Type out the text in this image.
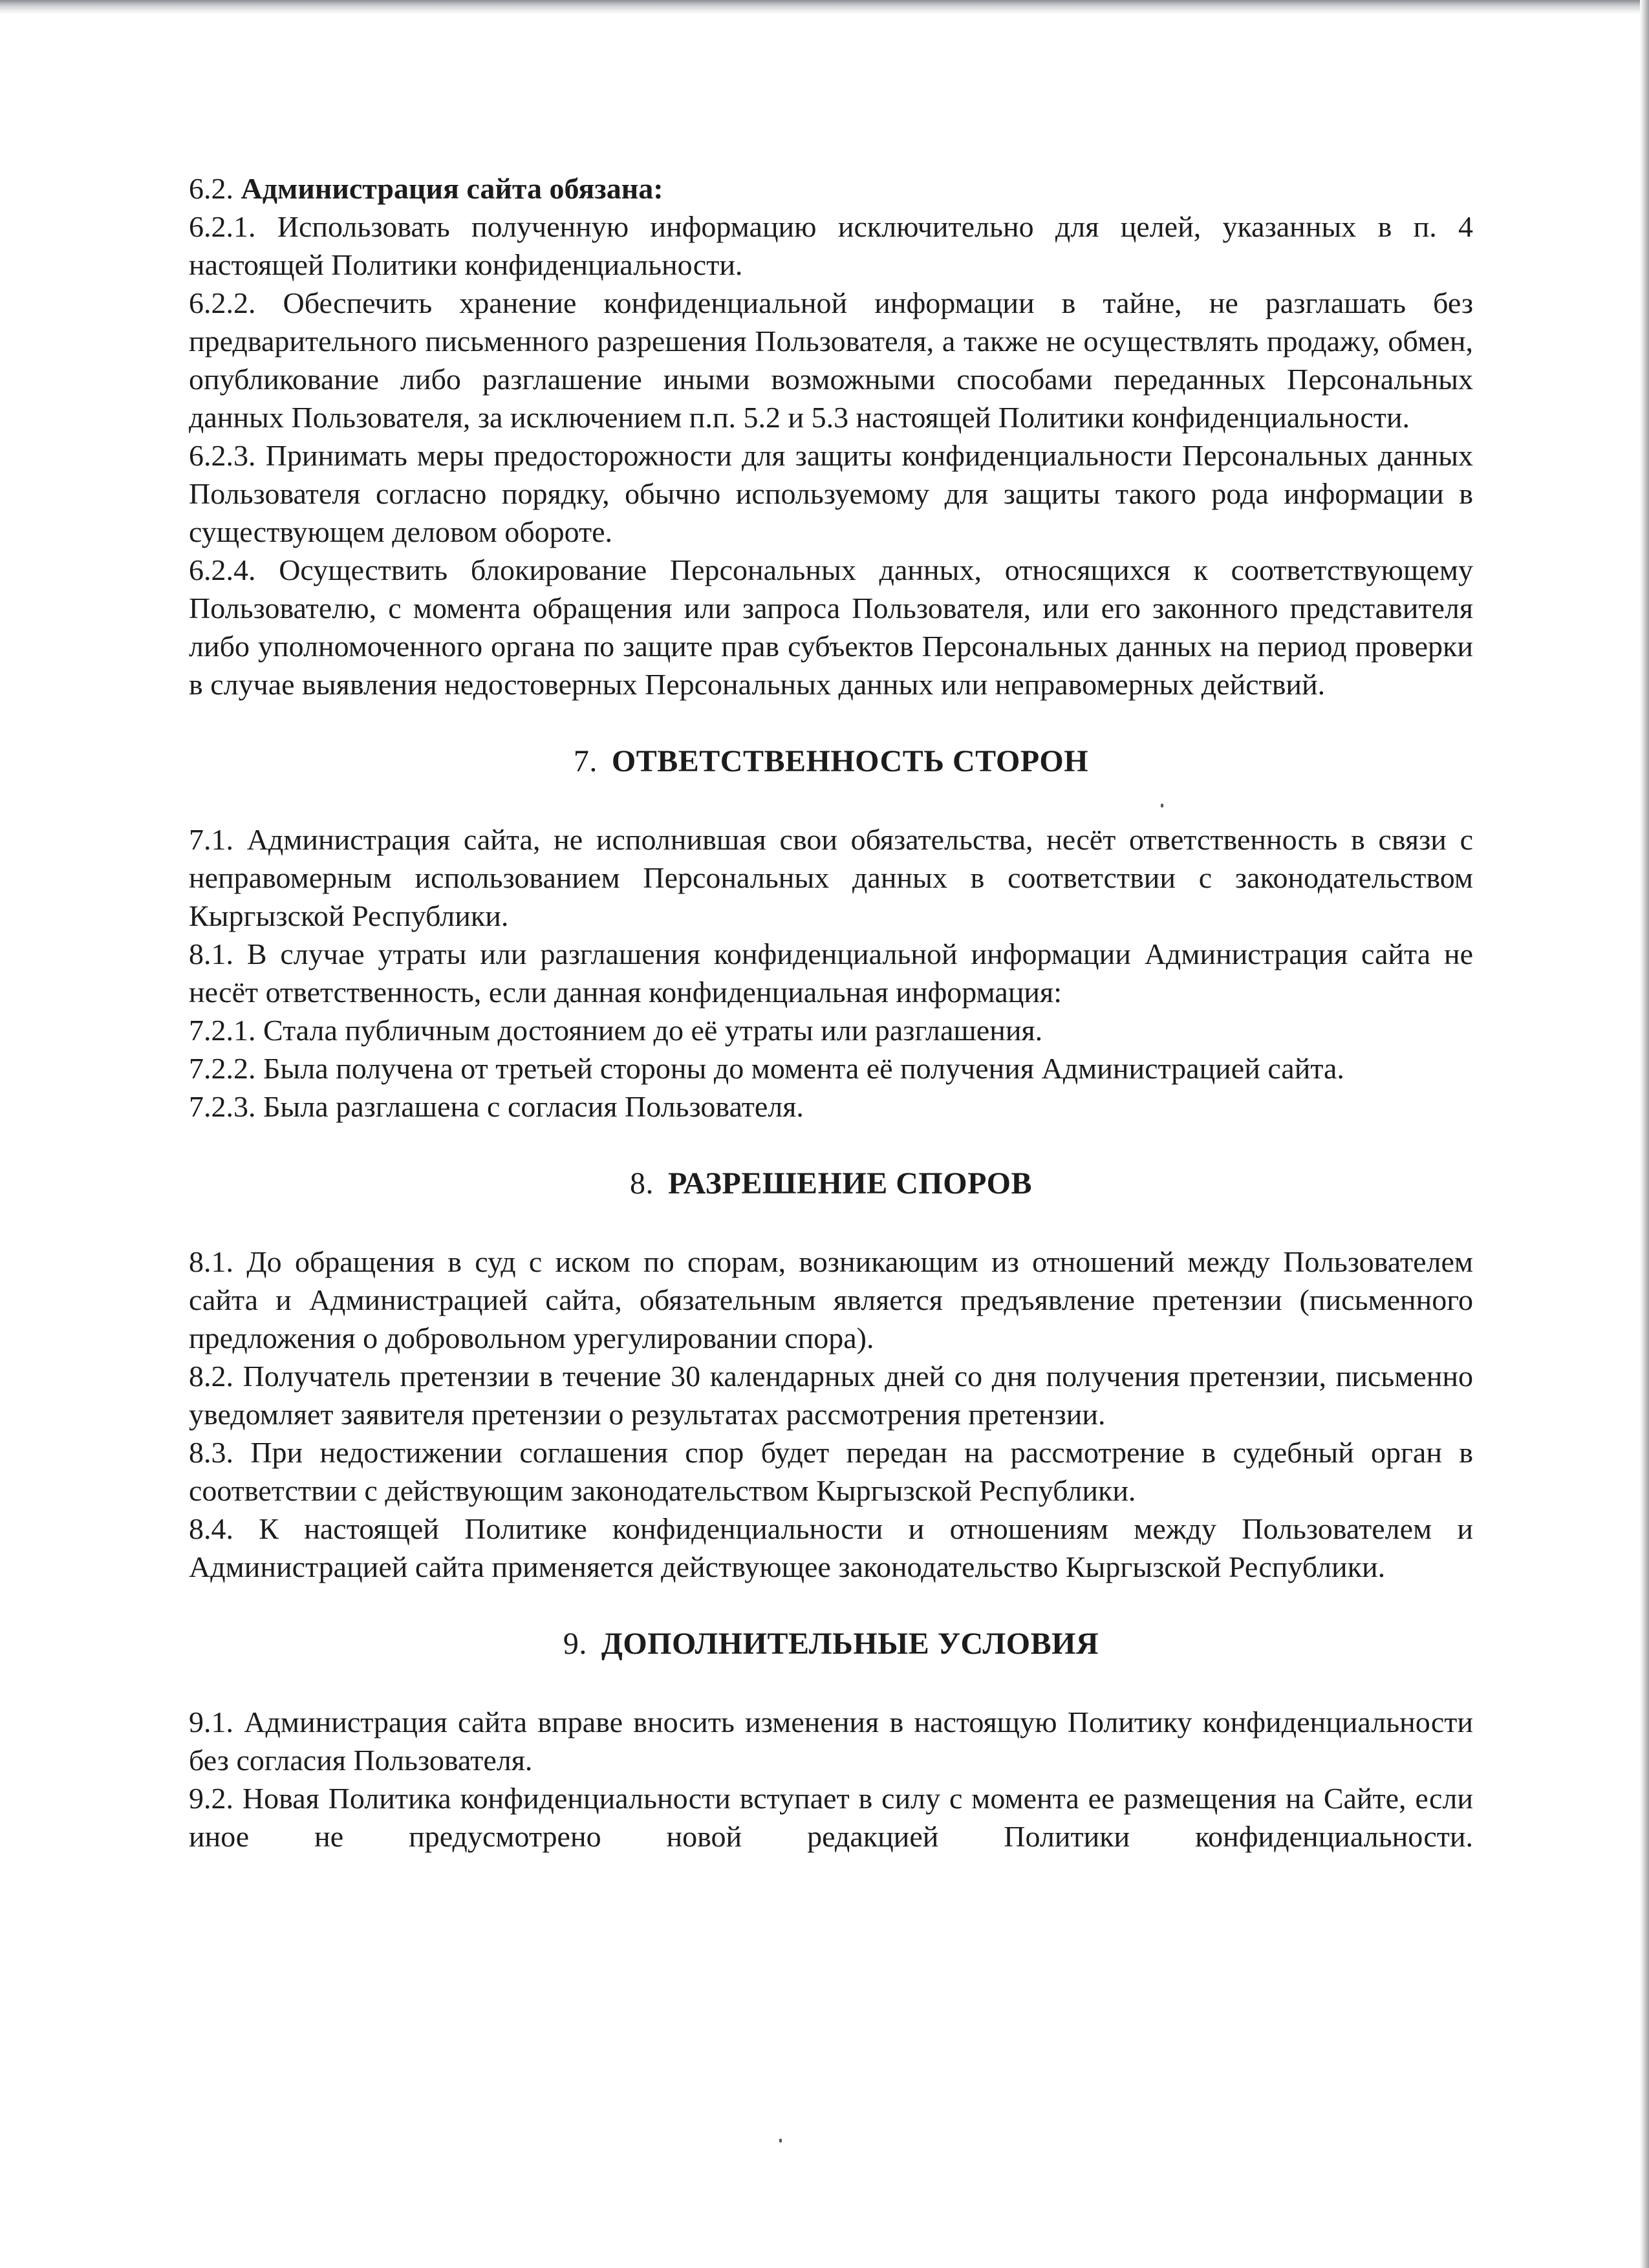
6.2. Администрация сайта обязана:

6.2.1. Использовать полученную информацию исключительно для целей, указанных в п. 4 настоящей Политики конфиденциальности.

6.2.2. Обеспечить хранение конфиденциальной информации в тайне, не разглашать без предварительного письменного разрешения Пользователя, а также не осуществлять продажу, обмен, опубликование либо разглашение иными возможными способами переданных Персональных данных Пользователя, за исключением п.п. 5.2 и 5.3 настоящей Политики конфиденциальности.

6.2.3. Принимать меры предосторожности для защиты конфиденциальности Персональных данных Пользователя согласно порядку, обычно используемому для защиты такого рода информации в существующем деловом обороте.

6.2.4. Осуществить блокирование Персональных данных, относящихся к соответствующему Пользователю, с момента обращения или запроса Пользователя, или его законного представителя либо уполномоченного органа по защите прав субъектов Персональных данных на период проверки в случае выявления недостоверных Персональных данных или неправомерных действий.

7. ОТВЕТСТВЕННОСТЬ СТОРОН

7.1. Администрация сайта, не исполнившая свои обязательства, несёт ответственность в связи с неправомерным использованием Персональных данных в соответствии с законодательством Кыргызской Республики.

8.1. В случае утраты или разглашения конфиденциальной информации Администрация сайта не несёт ответственность, если данная конфиденциальная информация:

7.2.1. Стала публичным достоянием до её утраты или разглашения.

7.2.2. Была получена от третьей стороны до момента её получения Администрацией сайта.

7.2.3. Была разглашена с согласия Пользователя.

8. РАЗРЕШЕНИЕ СПОРОВ

8.1. До обращения в суд с иском по спорам, возникающим из отношений между Пользователем сайта и Администрацией сайта, обязательным является предъявление претензии (письменного предложения о добровольном урегулировании спора).

8.2. Получатель претензии в течение 30 календарных дней со дня получения претензии, письменно уведомляет заявителя претензии о результатах рассмотрения претензии.

8.3. При недостижении соглашения спор будет передан на рассмотрение в судебный орган в соответствии с действующим законодательством Кыргызской Республики.

8.4. К настоящей Политике конфиденциальности и отношениям между Пользователем и Администрацией сайта применяется действующее законодательство Кыргызской Республики.

9. ДОПОЛНИТЕЛЬНЫЕ УСЛОВИЯ

9.1. Администрация сайта вправе вносить изменения в настоящую Политику конфиденциальности без согласия Пользователя.

9.2. Новая Политика конфиденциальности вступает в силу с момента ее размещения на Сайте, если иное не предусмотрено новой редакцией Политики конфиденциальности.
